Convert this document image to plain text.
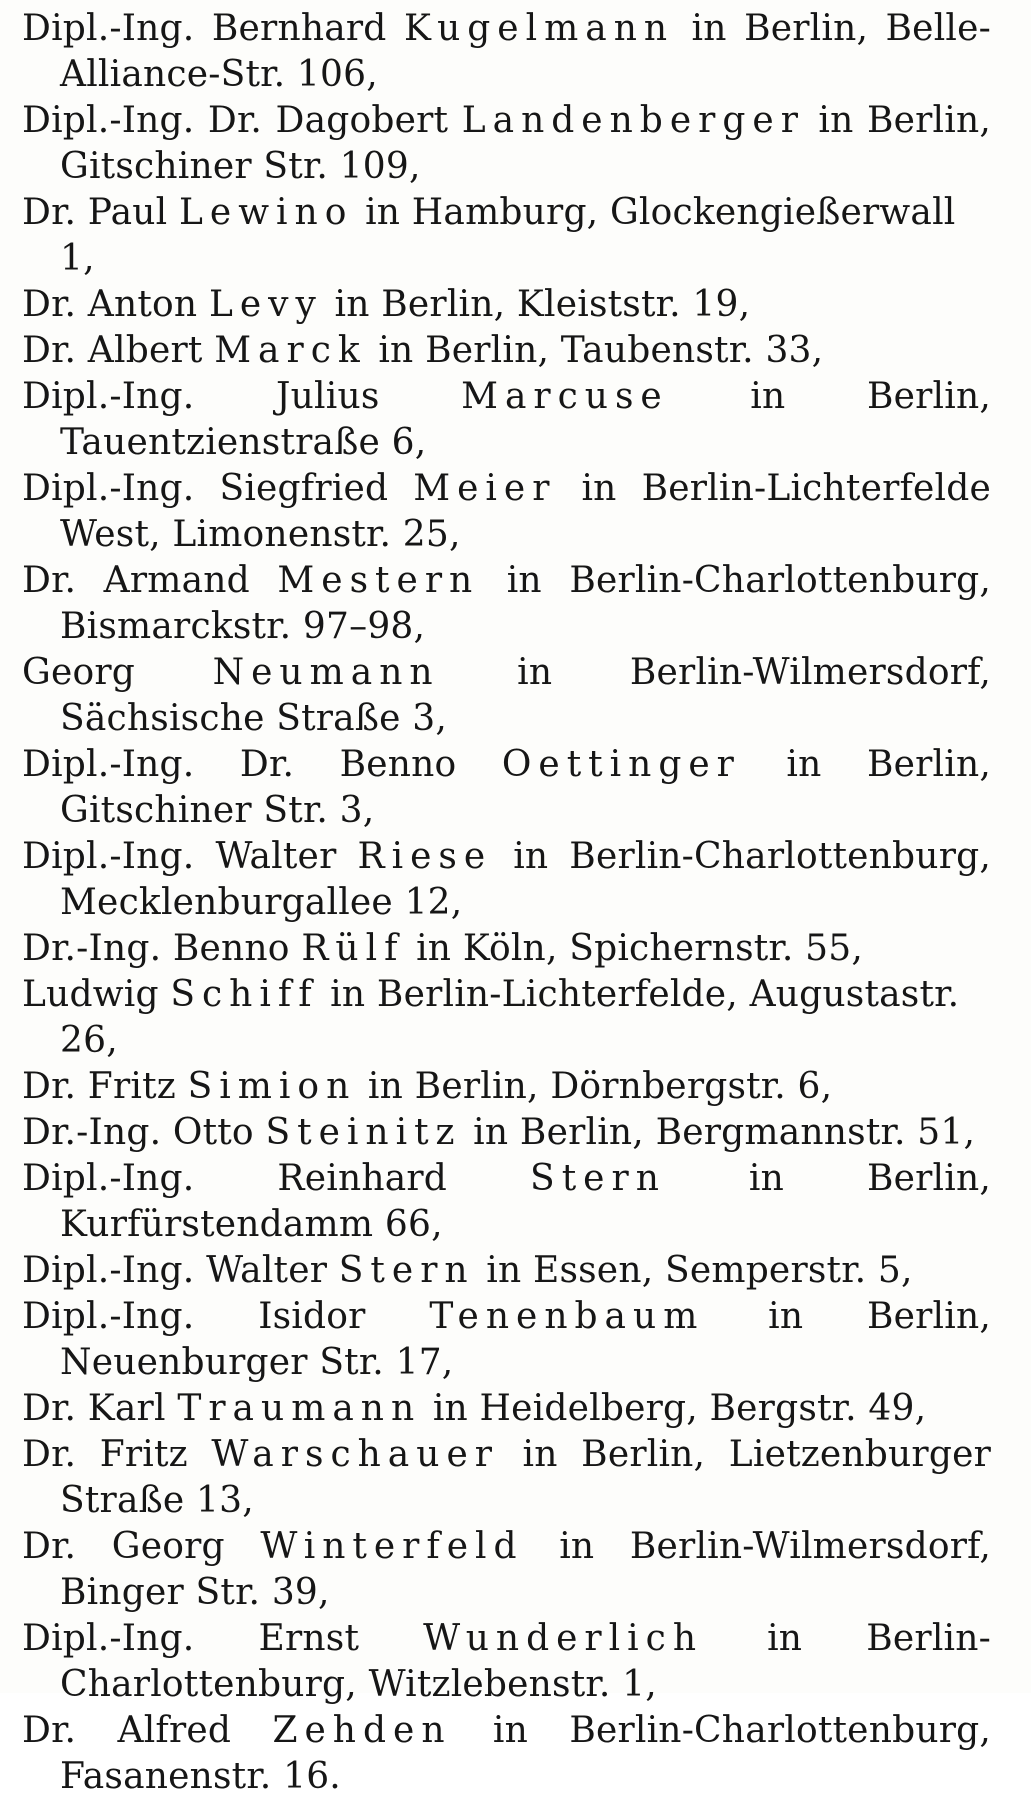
Dipl.-Ing. Bernhard Kugelmann in Berlin, Belle-Alliance-Str. 106,

Dipl.-Ing. Dr. Dagobert Landenberger in Berlin, Gitschiner Str. 109,

Dr. Paul Lewino in Hamburg, Glockengießerwall 1,

Dr. Anton Levy in Berlin, Kleiststr. 19,

Dr. Albert Marck in Berlin, Taubenstr. 33,

Dipl.-Ing. Julius Marcuse in Berlin, Tauentzienstraße 6,

Dipl.-Ing. Siegfried Meier in Berlin-Lichterfelde West, Limonenstr. 25,

Dr. Armand Mestern in Berlin-Charlottenburg, Bismarckstr. 97–98,

Georg Neumann in Berlin-Wilmersdorf, Sächsische Straße 3,

Dipl.-Ing. Dr. Benno Oettinger in Berlin, Gitschiner Str. 3,

Dipl.-Ing. Walter Riese in Berlin-Charlottenburg, Mecklenburgallee 12,

Dr.-Ing. Benno Rülf in Köln, Spichernstr. 55,

Ludwig Schiff in Berlin-Lichterfelde, Augustastr. 26,

Dr. Fritz Simion in Berlin, Dörnbergstr. 6,

Dr.-Ing. Otto Steinitz in Berlin, Bergmannstr. 51,

Dipl.-Ing. Reinhard Stern in Berlin, Kurfürstendamm 66,

Dipl.-Ing. Walter Stern in Essen, Semperstr. 5,

Dipl.-Ing. Isidor Tenenbaum in Berlin, Neuenburger Str. 17,

Dr. Karl Traumann in Heidelberg, Bergstr. 49,

Dr. Fritz Warschauer in Berlin, Lietzenburger Straße 13,

Dr. Georg Winterfeld in Berlin-Wilmersdorf, Binger Str. 39,

Dipl.-Ing. Ernst Wunderlich in Berlin-Charlottenburg, Witzlebenstr. 1,

Dr. Alfred Zehden in Berlin-Charlottenburg, Fasanenstr. 16.
